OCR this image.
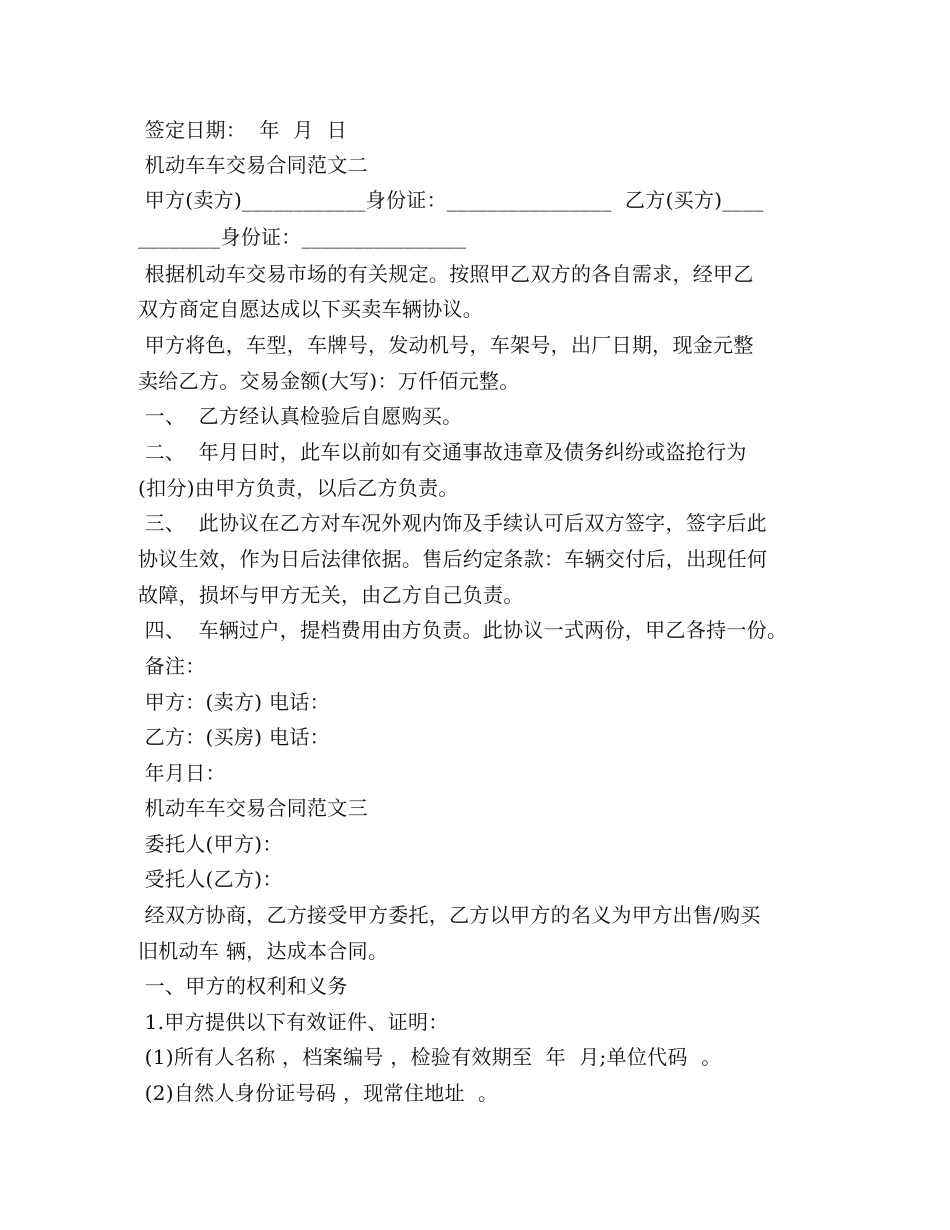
签定日期：  年  月  日
机动车车交易合同范文二
甲方(卖方)____________身份证：________________  乙方(买方)____
________身份证：________________
根据机动车交易市场的有关规定。按照甲乙双方的各自需求，经甲乙
双方商定自愿达成以下买卖车辆协议。
甲方将色，车型，车牌号，发动机号，车架号，出厂日期，现金元整
卖给乙方。交易金额(大写)：万仟佰元整。
一、  乙方经认真检验后自愿购买。
二、  年月日时，此车以前如有交通事故违章及债务纠纷或盗抢行为
(扣分)由甲方负责，以后乙方负责。
三、  此协议在乙方对车况外观内饰及手续认可后双方签字，签字后此
协议生效，作为日后法律依据。售后约定条款：车辆交付后，出现任何
故障，损坏与甲方无关，由乙方自己负责。
四、  车辆过户，提档费用由方负责。此协议一式两份，甲乙各持一份。
备注：
甲方：(卖方) 电话：
乙方：(买房) 电话：
年月日：
机动车车交易合同范文三
委托人(甲方)：
受托人(乙方)：
经双方协商，乙方接受甲方委托，乙方以甲方的名义为甲方出售/购买
旧机动车 辆，达成本合同。
一、甲方的权利和义务
1.甲方提供以下有效证件、证明：
(1)所有人名称 ，档案编号 ，检验有效期至  年  月;单位代码  。
(2)自然人身份证号码 ，现常住地址  。
